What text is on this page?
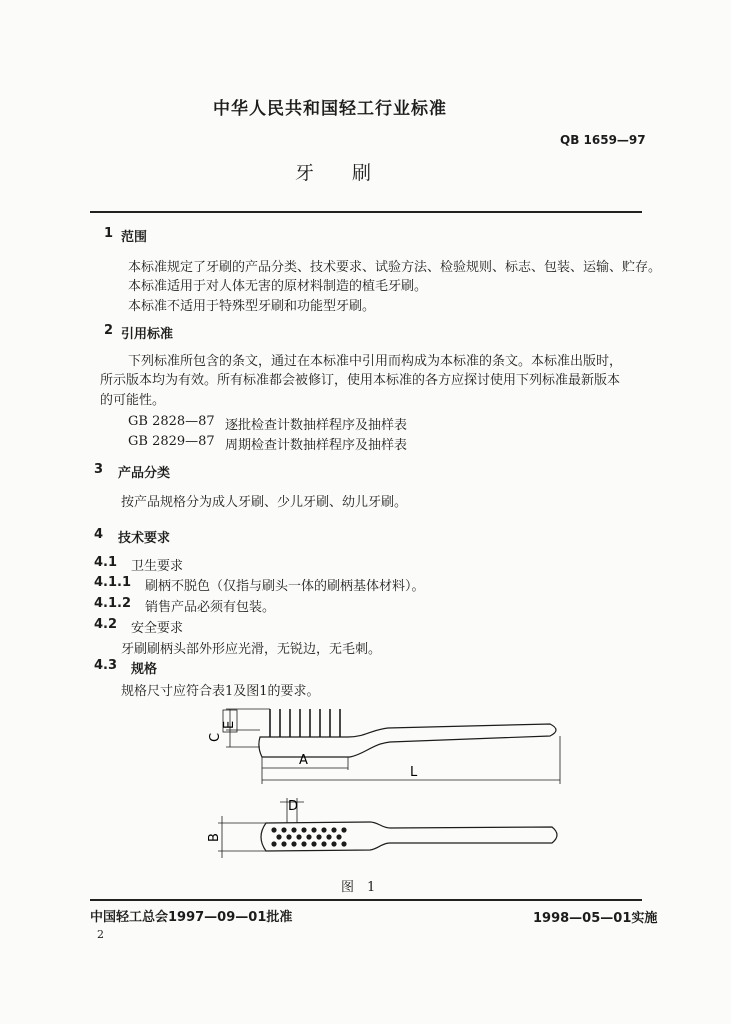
中华人民共和国轻工行业标准
QB 1659—97
牙　　刷
1 范围
本标准规定了牙刷的产品分类、技术要求、试验方法、检验规则、标志、包装、运输、贮存。
本标准适用于对人体无害的原材料制造的植毛牙刷。
本标准不适用于特殊型牙刷和功能型牙刷。
2 引用标准
下列标准所包含的条文，通过在本标准中引用而构成为本标准的条文。本标准出版时，
所示版本均为有效。所有标准都会被修订，使用本标准的各方应探讨使用下列标准最新版本
的可能性。
GB 2828—87 逐批检查计数抽样程序及抽样表
GB 2829—87 周期检查计数抽样程序及抽样表
3 产品分类
按产品规格分为成人牙刷、少儿牙刷、幼儿牙刷。
4 技术要求
4.1 卫生要求
4.1.1 刷柄不脱色（仅指与刷头一体的刷柄基体材料）。
4.1.2 销售产品必须有包装。
4.2 安全要求
牙刷刷柄头部外形应光滑，无锐边，无毛刺。
4.3 规格
规格尺寸应符合表1及图1的要求。
C
E
A
L
D
B
图　1
中国轻工总会1997—09—01批准	1998—05—01实施
2
